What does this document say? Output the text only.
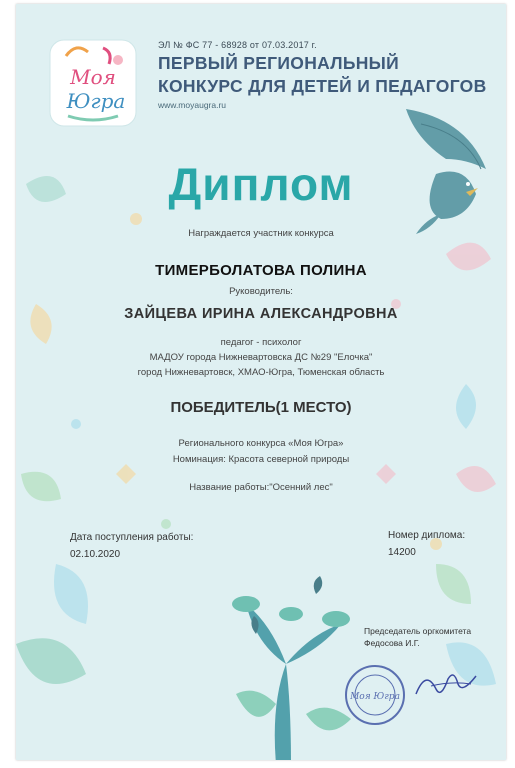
Моя
Югра
ЭЛ № ФС 77 - 68928 от 07.03.2017 г.
ПЕРВЫЙ РЕГИОНАЛЬНЫЙ
КОНКУРС ДЛЯ ДЕТЕЙ И ПЕДАГОГОВ
www.moyaugra.ru
Диплом
Награждается участник конкурса
ТИМЕРБОЛАТОВА ПОЛИНА
Руководитель:
ЗАЙЦЕВА ИРИНА АЛЕКСАНДРОВНА
педагог - психолог
МАДОУ города Нижневартовска ДС №29 "Елочка"
город Нижневартовск, ХМАО-Югра, Тюменская область
ПОБЕДИТЕЛЬ(1 МЕСТО)
Регионального конкурса «Моя Югра»
Номинация: Красота северной природы
Название работы:"Осенний лес"
Дата поступления работы:
02.10.2020
Номер диплома:
14200
Председатель оргкомитета
Федосова И.Г.
Моя Югра
